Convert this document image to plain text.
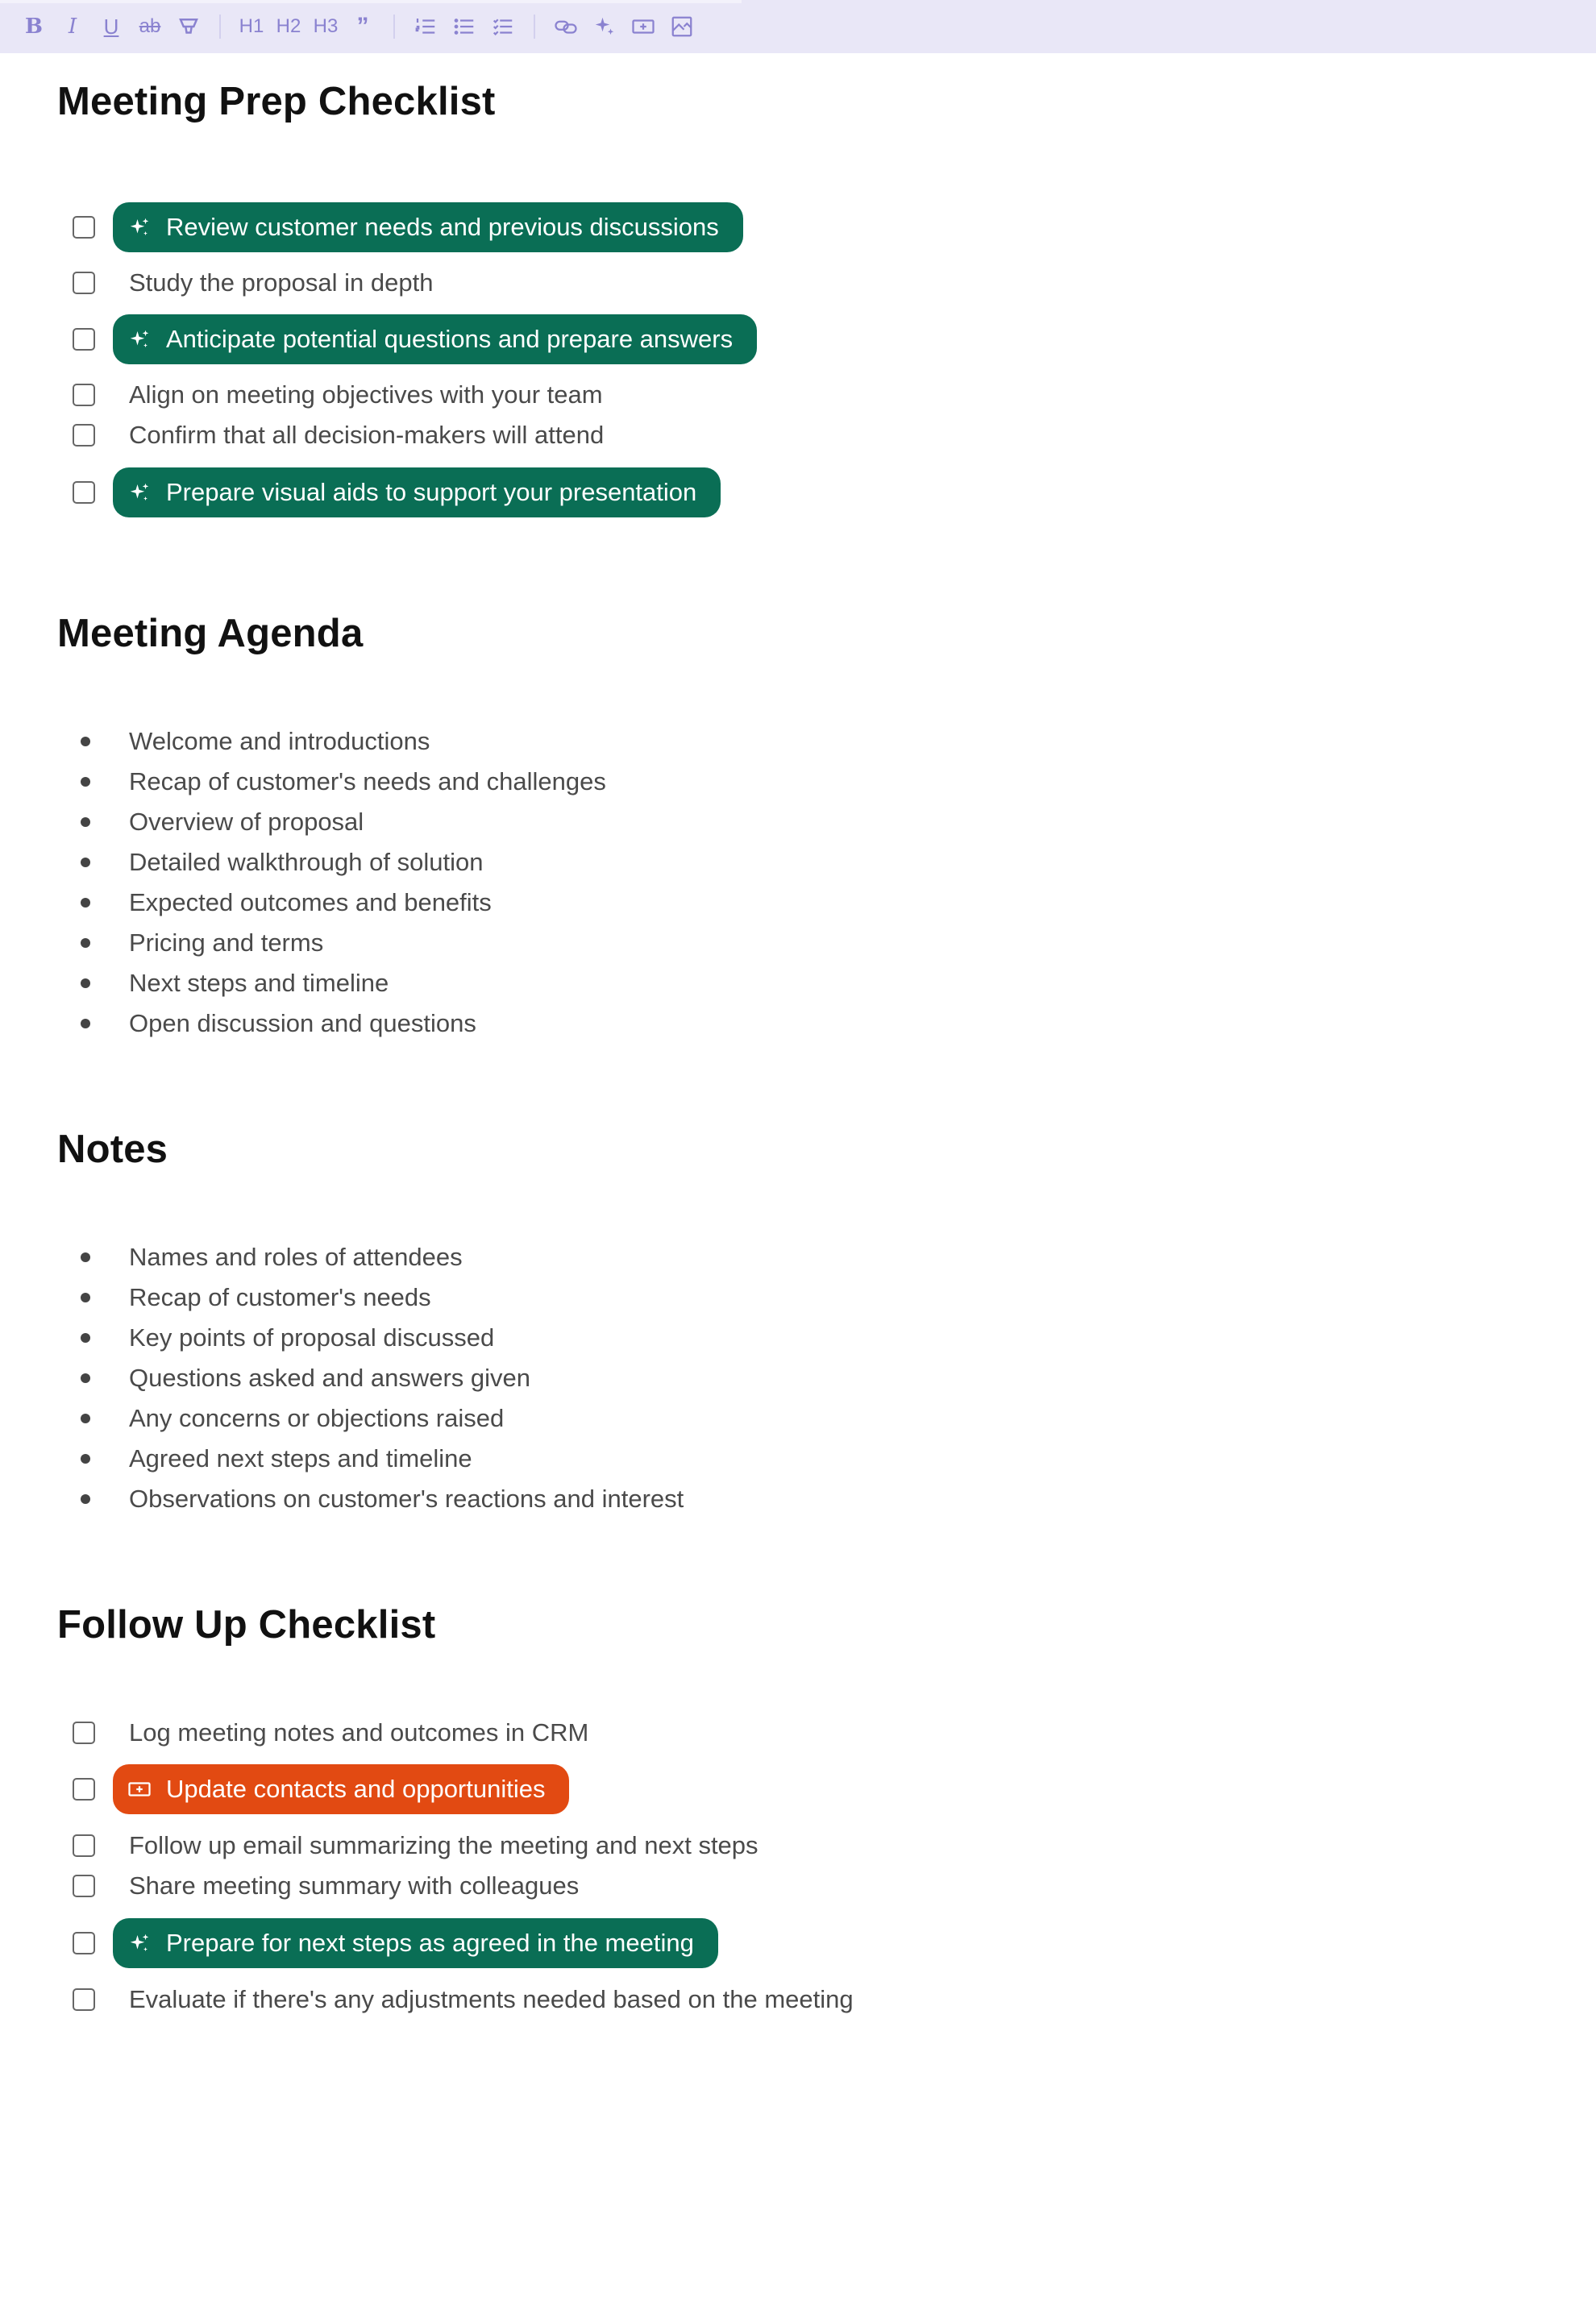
B	I	U	ab	H1 H2 H3 ”
Meeting Prep Checklist
Review customer needs and previous discussions
Study the proposal in depth
Anticipate potential questions and prepare answers
Align on meeting objectives with your team
Confirm that all decision-makers will attend
Prepare visual aids to support your presentation
Meeting Agenda
Welcome and introductions
Recap of customer's needs and challenges
Overview of proposal
Detailed walkthrough of solution
Expected outcomes and benefits
Pricing and terms
Next steps and timeline
Open discussion and questions
Notes
Names and roles of attendees
Recap of customer's needs
Key points of proposal discussed
Questions asked and answers given
Any concerns or objections raised
Agreed next steps and timeline
Observations on customer's reactions and interest
Follow Up Checklist
Log meeting notes and outcomes in CRM
Update contacts and opportunities
Follow up email summarizing the meeting and next steps
Share meeting summary with colleagues
Prepare for next steps as agreed in the meeting
Evaluate if there's any adjustments needed based on the meeting
